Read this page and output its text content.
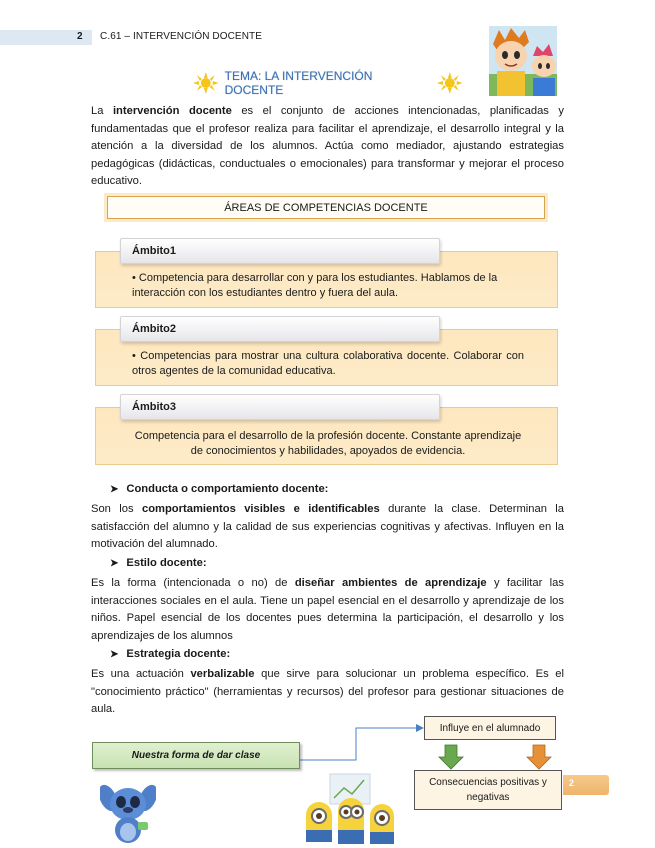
2 C.61 – INTERVENCIÓN DOCENTE
TEMA: LA INTERVENCIÓN DOCENTE

La intervención docente es el conjunto de acciones intencionadas, planificadas y fundamentadas que el profesor realiza para facilitar el aprendizaje, el desarrollo integral y la atención a la diversidad de los alumnos. Actúa como mediador, ajustando estrategias pedagógicas (didácticas, conductuales o emocionales) para transformar y mejorar el proceso educativo.

ÁREAS DE COMPETENCIAS DOCENTE
Ámbito1
• Competencia para desarrollar con y para los estudiantes. Hablamos de la interacción con los estudiantes dentro y fuera del aula.
Ámbito2
• Competencias para mostrar una cultura colaborativa docente. Colaborar con otros agentes de la comunidad educativa.
Ámbito3
Competencia para el desarrollo de la profesión docente. Constante aprendizaje de conocimientos y habilidades, apoyados de evidencia.
➤ Conducta o comportamiento docente:

Son los comportamientos visibles e identificables durante la clase. Determinan la satisfacción del alumno y la calidad de sus experiencias cognitivas y afectivas. Influyen en la motivación del alumnado.

➤ Estilo docente:

Es la forma (intencionada o no) de diseñar ambientes de aprendizaje y facilitar las interacciones sociales en el aula. Tiene un papel esencial en el desarrollo y aprendizaje de los niños. Papel esencial de los docentes pues determina la participación, el desarrollo y los aprendizajes de los alumnos

➤ Estrategia docente:

Es una actuación verbalizable que sirve para solucionar un problema específico. Es el "conocimiento práctico" (herramientas y recursos) del profesor para gestionar situaciones de aula.

Nuestra forma de dar clase
Influye en el alumnado
Consecuencias positivas y negativas
2
